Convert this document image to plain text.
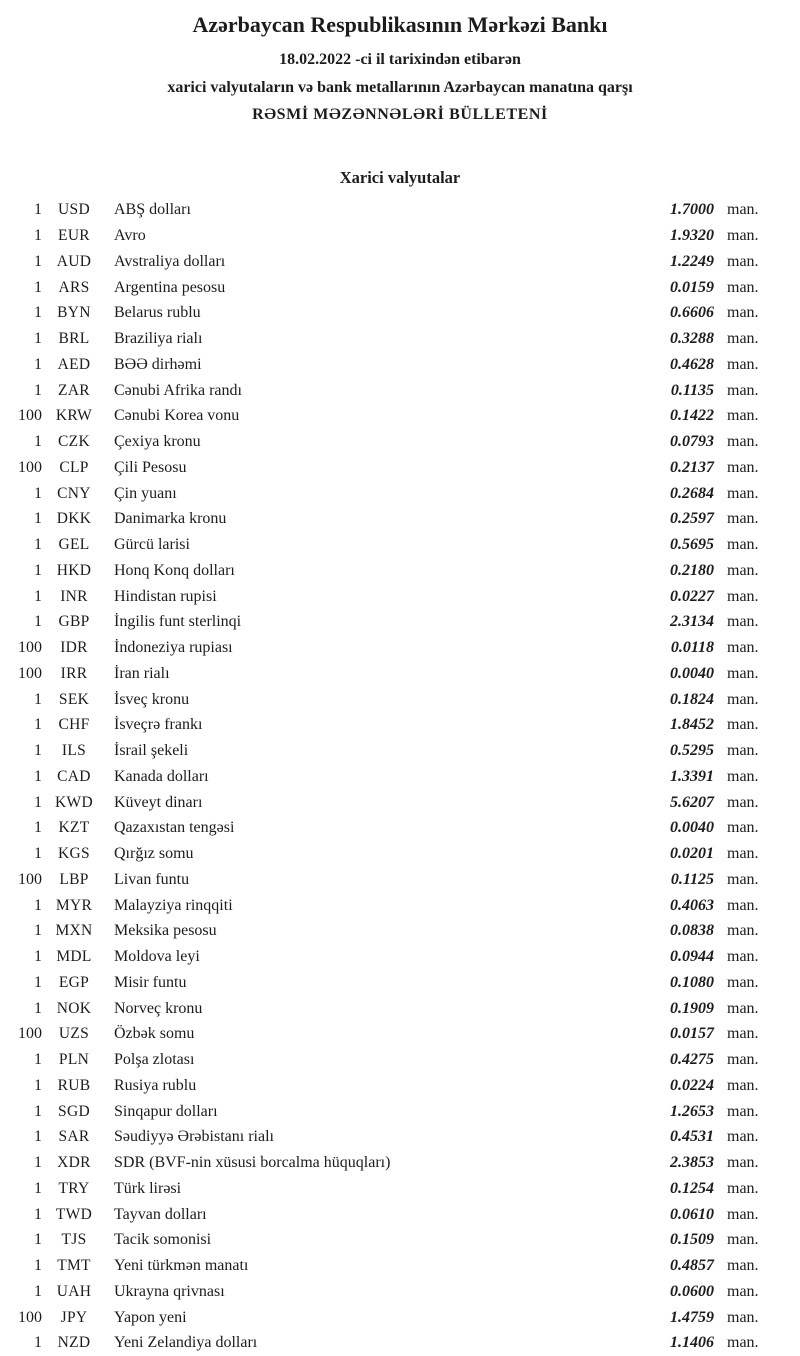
Azərbaycan Respublikasının Mərkəzi Bankı
18.02.2022 -ci il tarixindən etibarən
xarici valyutaların və bank metallarının Azərbaycan manatına qarşı
RƏSMİ MƏZƏNNƏLƏRİ BÜLLETENİ
Xarici valyutalar
1	USD	ABŞ dolları	1.7000 man.
1	EUR	Avro	1.9320 man.
1 AUD	Avstraliya dolları	1.2249 man.
1	ARS	Argentina pesosu	0.0159 man.
1 BYN	Belarus rublu	0.6606 man.
1	BRL	Braziliya rialı	0.3288 man.
1	AED	BƏƏ dirhəmi	0.4628 man.
1	ZAR	Cənubi Afrika randı	0.1135 man.
100 KRW	Cənubi Korea vonu	0.1422 man.
1	CZK	Çexiya kronu	0.0793 man.
100	CLP	Çili Pesosu	0.2137 man.
1 CNY	Çin yuanı	0.2684 man.
1 DKK	Danimarka kronu	0.2597 man.
1	GEL	Gürcü larisi	0.5695 man.
1 HKD	Honq Konq dolları	0.2180 man.
1	INR	Hindistan rupisi	0.0227 man.
1	GBP	İngilis funt sterlinqi	2.3134 man.
100	IDR	İndoneziya rupiası	0.0118 man.
100	IRR	İran rialı	0.0040 man.
1	SEK	İsveç kronu	0.1824 man.
1	CHF	İsveçrə frankı	1.8452 man.
1	ILS	İsrail şekeli	0.5295 man.
1 CAD	Kanada dolları	1.3391 man.
1 KWD	Küveyt dinarı	5.6207 man.
1	KZT	Qazaxıstan tengəsi	0.0040 man.
1	KGS	Qırğız somu	0.0201 man.
100	LBP	Livan funtu	0.1125 man.
1 MYR	Malayziya rinqqiti	0.4063 man.
1 MXN	Meksika pesosu	0.0838 man.
1 MDL	Moldova leyi	0.0944 man.
1	EGP	Misir funtu	0.1080 man.
1 NOK	Norveç kronu	0.1909 man.
100	UZS	Özbək somu	0.0157 man.
1	PLN	Polşa zlotası	0.4275 man.
1	RUB	Rusiya rublu	0.0224 man.
1	SGD	Sinqapur dolları	1.2653 man.
1	SAR	Səudiyyə Ərəbistanı rialı	0.4531 man.
1 XDR	SDR (BVF-nin xüsusi borcalma hüquqları)	2.3853 man.
1	TRY	Türk lirəsi	0.1254 man.
1 TWD	Tayvan dolları	0.0610 man.
1	TJS	Tacik somonisi	0.1509 man.
1 TMT	Yeni türkmən manatı	0.4857 man.
1 UAH	Ukrayna qrivnası	0.0600 man.
100	JPY	Yapon yeni	1.4759 man.
1	NZD	Yeni Zelandiya dolları	1.1406 man.
